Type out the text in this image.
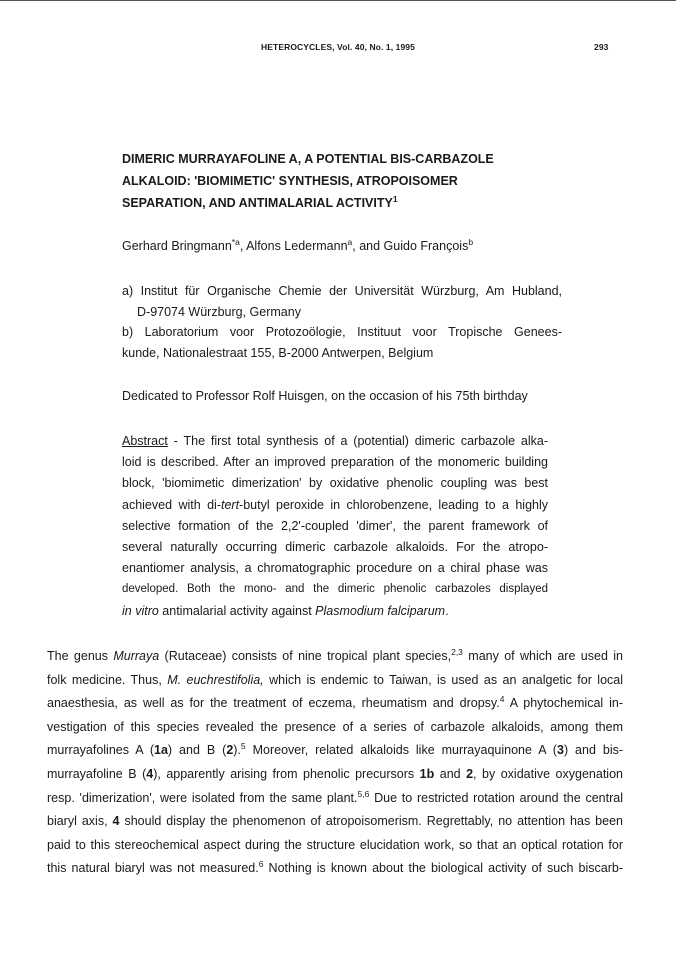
HETEROCYCLES, Vol. 40, No. 1, 1995	293
DIMERIC MURRAYAFOLINE A, A POTENTIAL BIS-CARBAZOLE
ALKALOID: 'BIOMIMETIC' SYNTHESIS, ATROPOISOMER
SEPARATION, AND ANTIMALARIAL ACTIVITY$^1$
Gerhard Bringmann$^{*a}$, Alfons Ledermann$^a$, and Guido François$^b$
a) Institut für Organische Chemie der Universität Würzburg, Am Hubland,
D-97074 Würzburg, Germany
b) Laboratorium voor Protozoölogie, Instituut voor Tropische Genees-
kunde, Nationalestraat 155, B-2000 Antwerpen, Belgium
Dedicated to Professor Rolf Huisgen, on the occasion of his 75th birthday
Abstract - The first total synthesis of a (potential) dimeric carbazole alka-
loid is described. After an improved preparation of the monomeric building
block, 'biomimetic dimerization' by oxidative phenolic coupling was best
achieved with di-tert-butyl peroxide in chlorobenzene, leading to a highly
selective formation of the 2,2'-coupled 'dimer', the parent framework of
several naturally occurring dimeric carbazole alkaloids. For the atropo-
enantiomer analysis, a chromatographic procedure on a chiral phase was
developed. Both the mono- and the dimeric phenolic carbazoles displayed
in vitro antimalarial activity against Plasmodium falciparum.
The genus Murraya (Rutaceae) consists of nine tropical plant species,$^{2,3}$ many of which are used in
folk medicine. Thus, M. euchrestifolia, which is endemic to Taiwan, is used as an analgetic for local
anaesthesia, as well as for the treatment of eczema, rheumatism and dropsy.$^4$ A phytochemical in-
vestigation of this species revealed the presence of a series of carbazole alkaloids, among them
murrayafolines A (1a) and B (2).$^5$ Moreover, related alkaloids like murrayaquinone A (3) and bis-
murrayafoline B (4), apparently arising from phenolic precursors 1b and 2, by oxidative oxygenation
resp. 'dimerization', were isolated from the same plant.$^{5,6}$ Due to restricted rotation around the central
biaryl axis, 4 should display the phenomenon of atropoisomerism. Regrettably, no attention has been
paid to this stereochemical aspect during the structure elucidation work, so that an optical rotation for
this natural biaryl was not measured.$^6$ Nothing is known about the biological activity of such biscarb-
